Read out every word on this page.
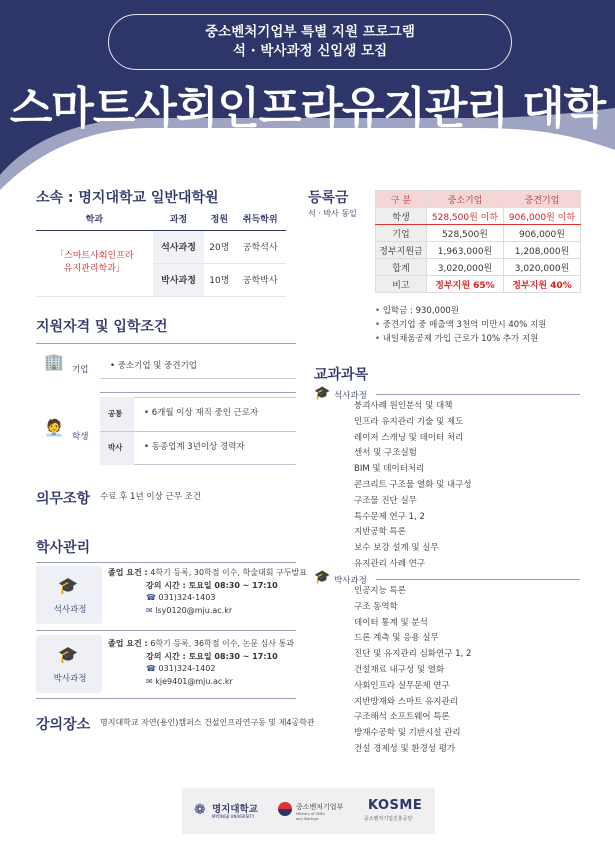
중소벤처기업부 특별 지원 프로그램
석 · 박사과정 신입생 모집
스마트사회인프라유지관리 대학원
소속 : 명지대학교 일반대학원
학과	과정	정원	취득학위

「스마트사회인프라
유지관리학과」	석사과정	20명	공학석사
	박사과정	10명	공학박사
등록금
석 · 박사 동일
구 분	중소기업	중견기업
학생	528,500원 이하	906,000원 이하
기업	528,500원	906,000원
정부지원금	1,963,000원	1,208,000원
합계	3,020,000원	3,020,000원
비고	정부지원 65%	정부지원 40%
• 입학금 : 930,000원
• 중견기업 중 매출액 3천억 미만시 40% 지원
• 내일채움공제 가입 근로가 10% 추가 지원
지원자격 및 입학조건
🏢 기업	• 중소기업 및 중견기업
🧑‍💼 학생
공통	• 6개월 이상 재직 중인 근로자
박사	• 동종업계 3년이상 경력자
의무조항 수료 후 1년 이상 근무 조건
학사관리
🎓
석사과정
졸업 요건 : 4학기 등록, 30학점 이수, 학술대회 구두발표
강의 시간 : 토요일 08:30 ~ 17:10
☎ 031)324-1403
✉ lsy0120@mju.ac.kr
🎓
박사과정
졸업 요건 : 6학기 등록, 36학점 이수, 논문 심사 통과
강의 시간 : 토요일 08:30 ~ 17:10
☎ 031)324-1402
✉ kje9401@mju.ac.kr
강의장소 명지대학교 자연(용인)캠퍼스 건설인프라연구동 및 제4공학관
교과과목
🎓 석사과정
붕괴사례 원인분석 및 대책
인프라 유지관리 기술 및 제도
레이저 스캐닝 및 데이터 처리
센서 및 구조실험
BIM 및 데이터처리
콘크리트 구조물 열화 및 내구성
구조물 진단 실무
특수문제 연구 1, 2
지반공학 특론
보수 보강 설계 및 실무
유지관리 사례 연구
🎓 박사과정
인공지능 특론
구조 동역학
데이터 통계 및 분석
드론 계측 및 응용 실무
진단 및 유지관리 심화연구 1, 2
건설재료 내구성 및 열화
사회인프라 실무문제 연구
지반방재와 스마트 유지관리
구조해석 소프트웨어 특론
방재수공학 및 기반시설 관리
건설 경제성 및 환경성 평가
❁ 명지대학교
MYONGJI UNIVERSITY
중소벤처기업부
Ministry of SMEs
and Startups
KOSME
중소벤처기업진흥공단
